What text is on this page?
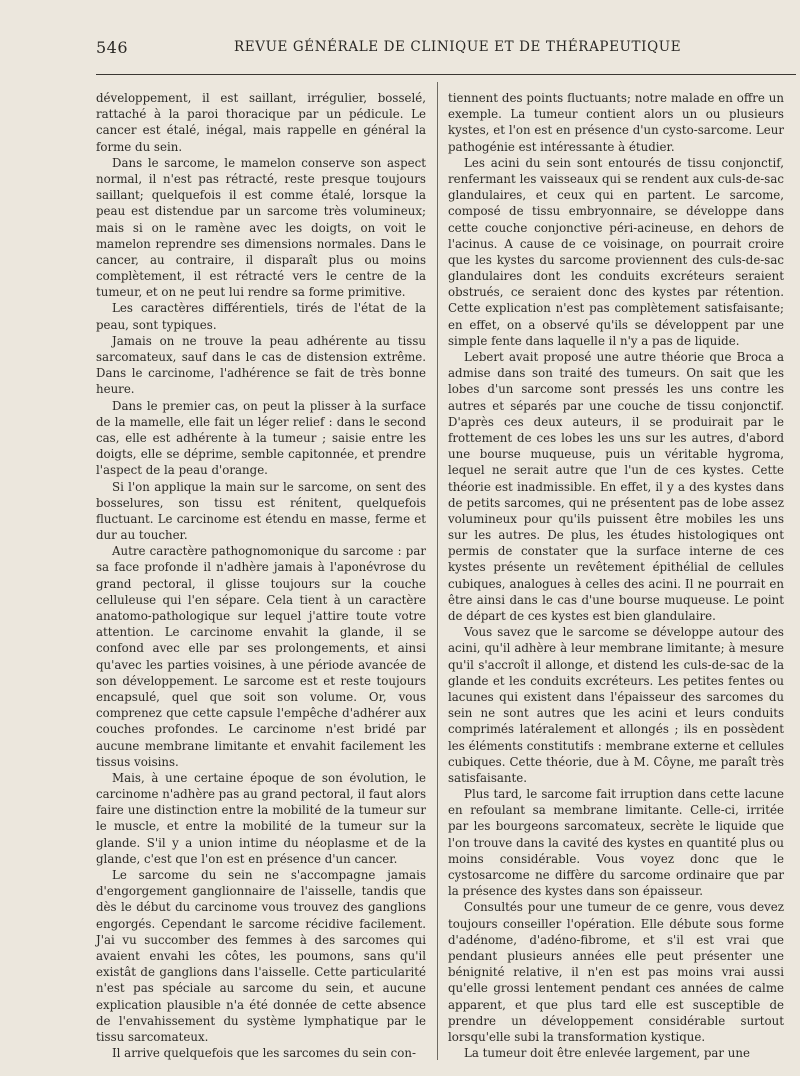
546	REVUE GÉNÉRALE DE CLINIQUE ET DE THÉRAPEUTIQUE

développement, il est saillant, irrégulier, bosselé, rattaché à la paroi thoracique par un pédicule. Le cancer est étalé, inégal, mais rappelle en général la forme du sein.

Dans le sarcome, le mamelon conserve son aspect normal, il n'est pas rétracté, reste presque toujours saillant; quelquefois il est comme étalé, lorsque la peau est distendue par un sarcome très volumineux; mais si on le ramène avec les doigts, on voit le mamelon reprendre ses dimensions normales. Dans le cancer, au contraire, il disparaît plus ou moins complètement, il est rétracté vers le centre de la tumeur, et on ne peut lui rendre sa forme primitive.

Les caractères différentiels, tirés de l'état de la peau, sont typiques.

Jamais on ne trouve la peau adhérente au tissu sarcomateux, sauf dans le cas de distension extrême. Dans le carcinome, l'adhérence se fait de très bonne heure.

Dans le premier cas, on peut la plisser à la surface de la mamelle, elle fait un léger relief : dans le second cas, elle est adhérente à la tumeur ; saisie entre les doigts, elle se déprime, semble capitonnée, et prendre l'aspect de la peau d'orange.

Si l'on applique la main sur le sarcome, on sent des bosselures, son tissu est rénitent, quelquefois fluctuant. Le carcinome est étendu en masse, ferme et dur au toucher.

Autre caractère pathognomonique du sarcome : par sa face profonde il n'adhère jamais à l'aponévrose du grand pectoral, il glisse toujours sur la couche celluleuse qui l'en sépare. Cela tient à un caractère anatomo-pathologique sur lequel j'attire toute votre attention. Le carcinome envahit la glande, il se confond avec elle par ses prolongements, et ainsi qu'avec les parties voisines, à une période avancée de son développement. Le sarcome est et reste toujours encapsulé, quel que soit son volume. Or, vous comprenez que cette capsule l'empêche d'adhérer aux couches profondes. Le carcinome n'est bridé par aucune membrane limitante et envahit facilement les tissus voisins.

Mais, à une certaine époque de son évolution, le carcinome n'adhère pas au grand pectoral, il faut alors faire une distinction entre la mobilité de la tumeur sur le muscle, et entre la mobilité de la tumeur sur la glande. S'il y a union intime du néoplasme et de la glande, c'est que l'on est en présence d'un cancer.

Le sarcome du sein ne s'accompagne jamais d'engorgement ganglionnaire de l'aisselle, tandis que dès le début du carcinome vous trouvez des ganglions engorgés. Cependant le sarcome récidive facilement. J'ai vu succomber des femmes à des sarcomes qui avaient envahi les côtes, les poumons, sans qu'il existât de ganglions dans l'aisselle. Cette particularité n'est pas spéciale au sarcome du sein, et aucune explication plausible n'a été donnée de cette absence de l'envahissement du système lymphatique par le tissu sarcomateux.

Il arrive quelquefois que les sarcomes du sein con-

tiennent des points fluctuants; notre malade en offre un exemple. La tumeur contient alors un ou plusieurs kystes, et l'on est en présence d'un cysto-sarcome. Leur pathogénie est intéressante à étudier.

Les acini du sein sont entourés de tissu conjonctif, renfermant les vaisseaux qui se rendent aux culs-de-sac glandulaires, et ceux qui en partent. Le sarcome, composé de tissu embryonnaire, se développe dans cette couche conjonctive péri-acineuse, en dehors de l'acinus. A cause de ce voisinage, on pourrait croire que les kystes du sarcome proviennent des culs-de-sac glandulaires dont les conduits excréteurs seraient obstrués, ce seraient donc des kystes par rétention. Cette explication n'est pas complètement satisfaisante; en effet, on a observé qu'ils se développent par une simple fente dans laquelle il n'y a pas de liquide.

Lebert avait proposé une autre théorie que Broca a admise dans son traité des tumeurs. On sait que les lobes d'un sarcome sont pressés les uns contre les autres et séparés par une couche de tissu conjonctif. D'après ces deux auteurs, il se produirait par le frottement de ces lobes les uns sur les autres, d'abord une bourse muqueuse, puis un véritable hygroma, lequel ne serait autre que l'un de ces kystes. Cette théorie est inadmissible. En effet, il y a des kystes dans de petits sarcomes, qui ne présentent pas de lobe assez volumineux pour qu'ils puissent être mobiles les uns sur les autres. De plus, les études histologiques ont permis de constater que la surface interne de ces kystes présente un revêtement épithélial de cellules cubiques, analogues à celles des acini. Il ne pourrait en être ainsi dans le cas d'une bourse muqueuse. Le point de départ de ces kystes est bien glandulaire.

Vous savez que le sarcome se développe autour des acini, qu'il adhère à leur membrane limitante; à mesure qu'il s'accroît il allonge, et distend les culs-de-sac de la glande et les conduits excréteurs. Les petites fentes ou lacunes qui existent dans l'épaisseur des sarcomes du sein ne sont autres que les acini et leurs conduits comprimés latéralement et allongés ; ils en possèdent les éléments constitutifs : membrane externe et cellules cubiques. Cette théorie, due à M. Côyne, me paraît très satisfaisante.

Plus tard, le sarcome fait irruption dans cette lacune en refoulant sa membrane limitante. Celle-ci, irritée par les bourgeons sarcomateux, secrète le liquide que l'on trouve dans la cavité des kystes en quantité plus ou moins considérable. Vous voyez donc que le cystosarcome ne diffère du sarcome ordinaire que par la présence des kystes dans son épaisseur.

Consultés pour une tumeur de ce genre, vous devez toujours conseiller l'opération. Elle débute sous forme d'adénome, d'adéno-fibrome, et s'il est vrai que pendant plusieurs années elle peut présenter une bénignité relative, il n'en est pas moins vrai aussi qu'elle grossi lentement pendant ces années de calme apparent, et que plus tard elle est susceptible de prendre un développement considérable surtout lorsqu'elle subi la transformation kystique.

La tumeur doit être enlevée largement, par une
